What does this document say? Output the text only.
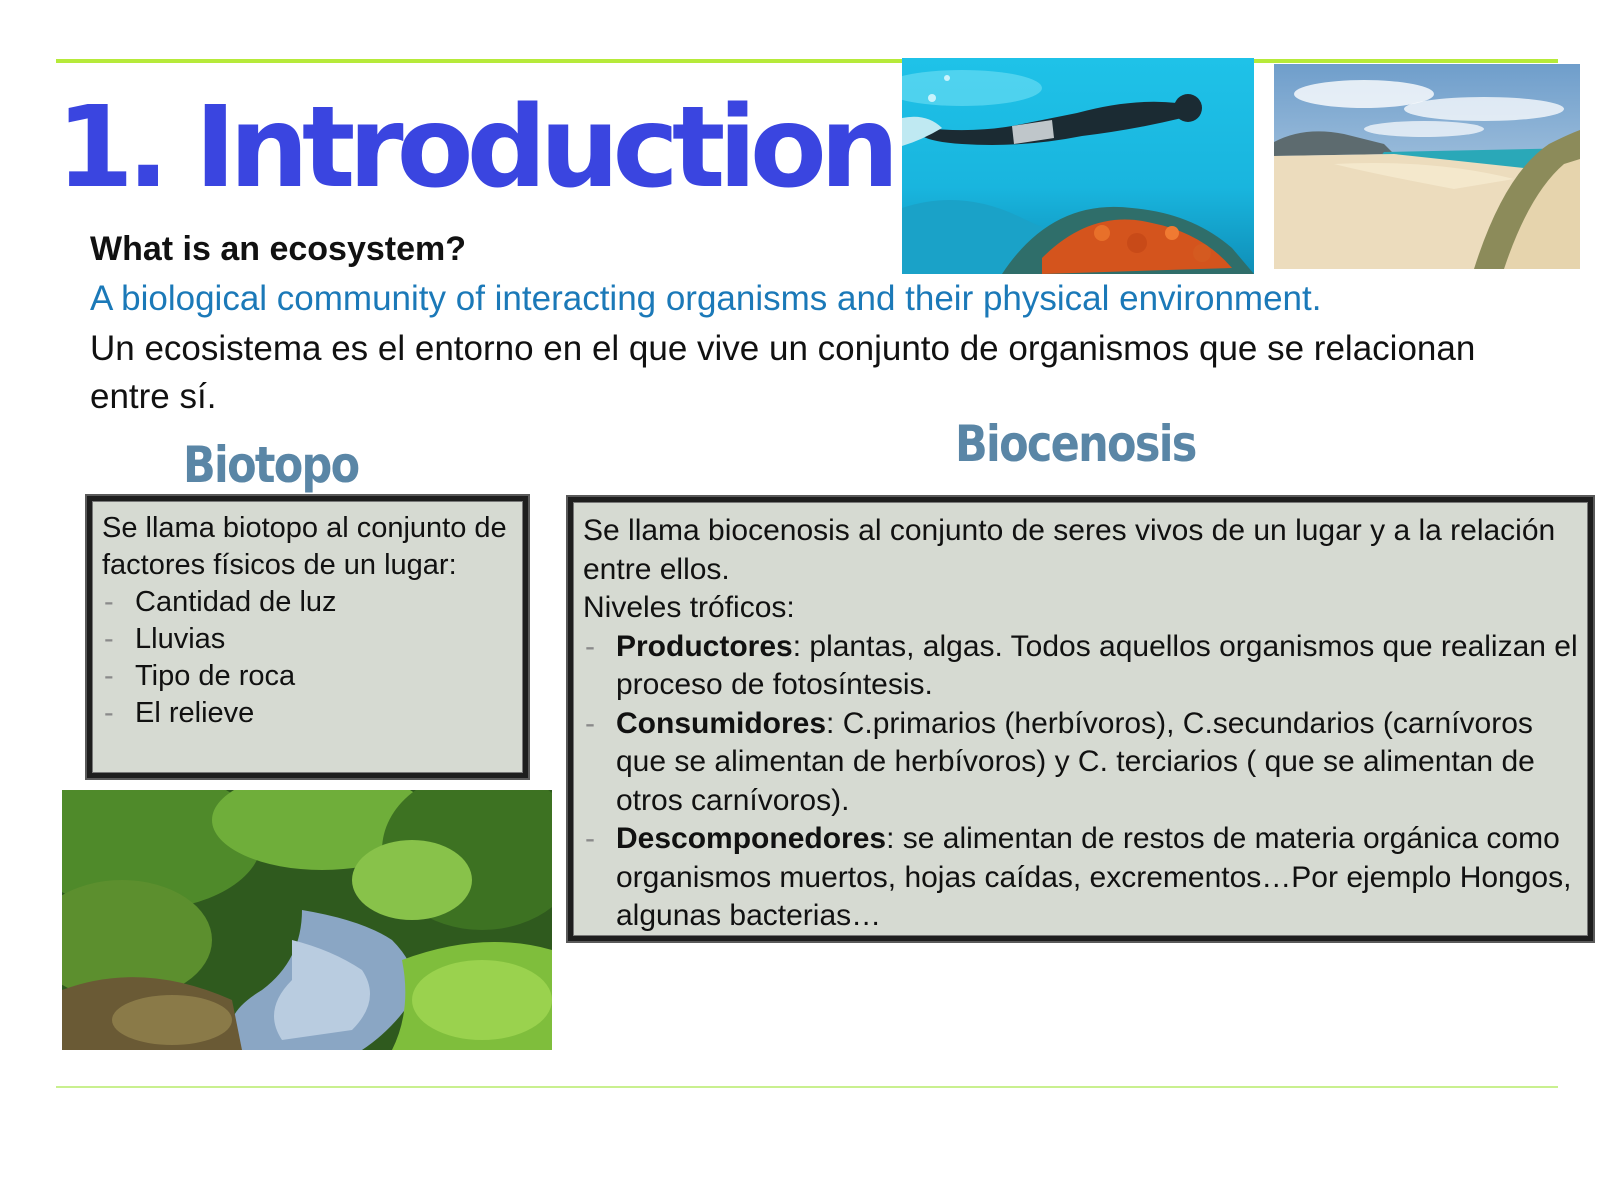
1. Introduction
What is an ecosystem?
A biological community of interacting organisms and their physical environment.
Un ecosistema es el entorno en el que vive un conjunto de organismos que se relacionan entre sí.
Biotopo	Biocenosis
Se llama biotopo al conjunto de factores físicos de un lugar:
- Cantidad de luz
- Lluvias
- Tipo de roca
- El relieve
Se llama biocenosis al conjunto de seres vivos de un lugar y a la relación entre ellos.
Niveles tróficos:
- Productores: plantas, algas. Todos aquellos organismos que realizan el proceso de fotosíntesis.
- Consumidores: C.primarios (herbívoros), C.secundarios (carnívoros que se alimentan de herbívoros) y C. terciarios ( que se alimentan de otros carnívoros).
- Descomponedores: se alimentan de restos de materia orgánica como organismos muertos, hojas caídas, excrementos…Por ejemplo Hongos, algunas bacterias…
